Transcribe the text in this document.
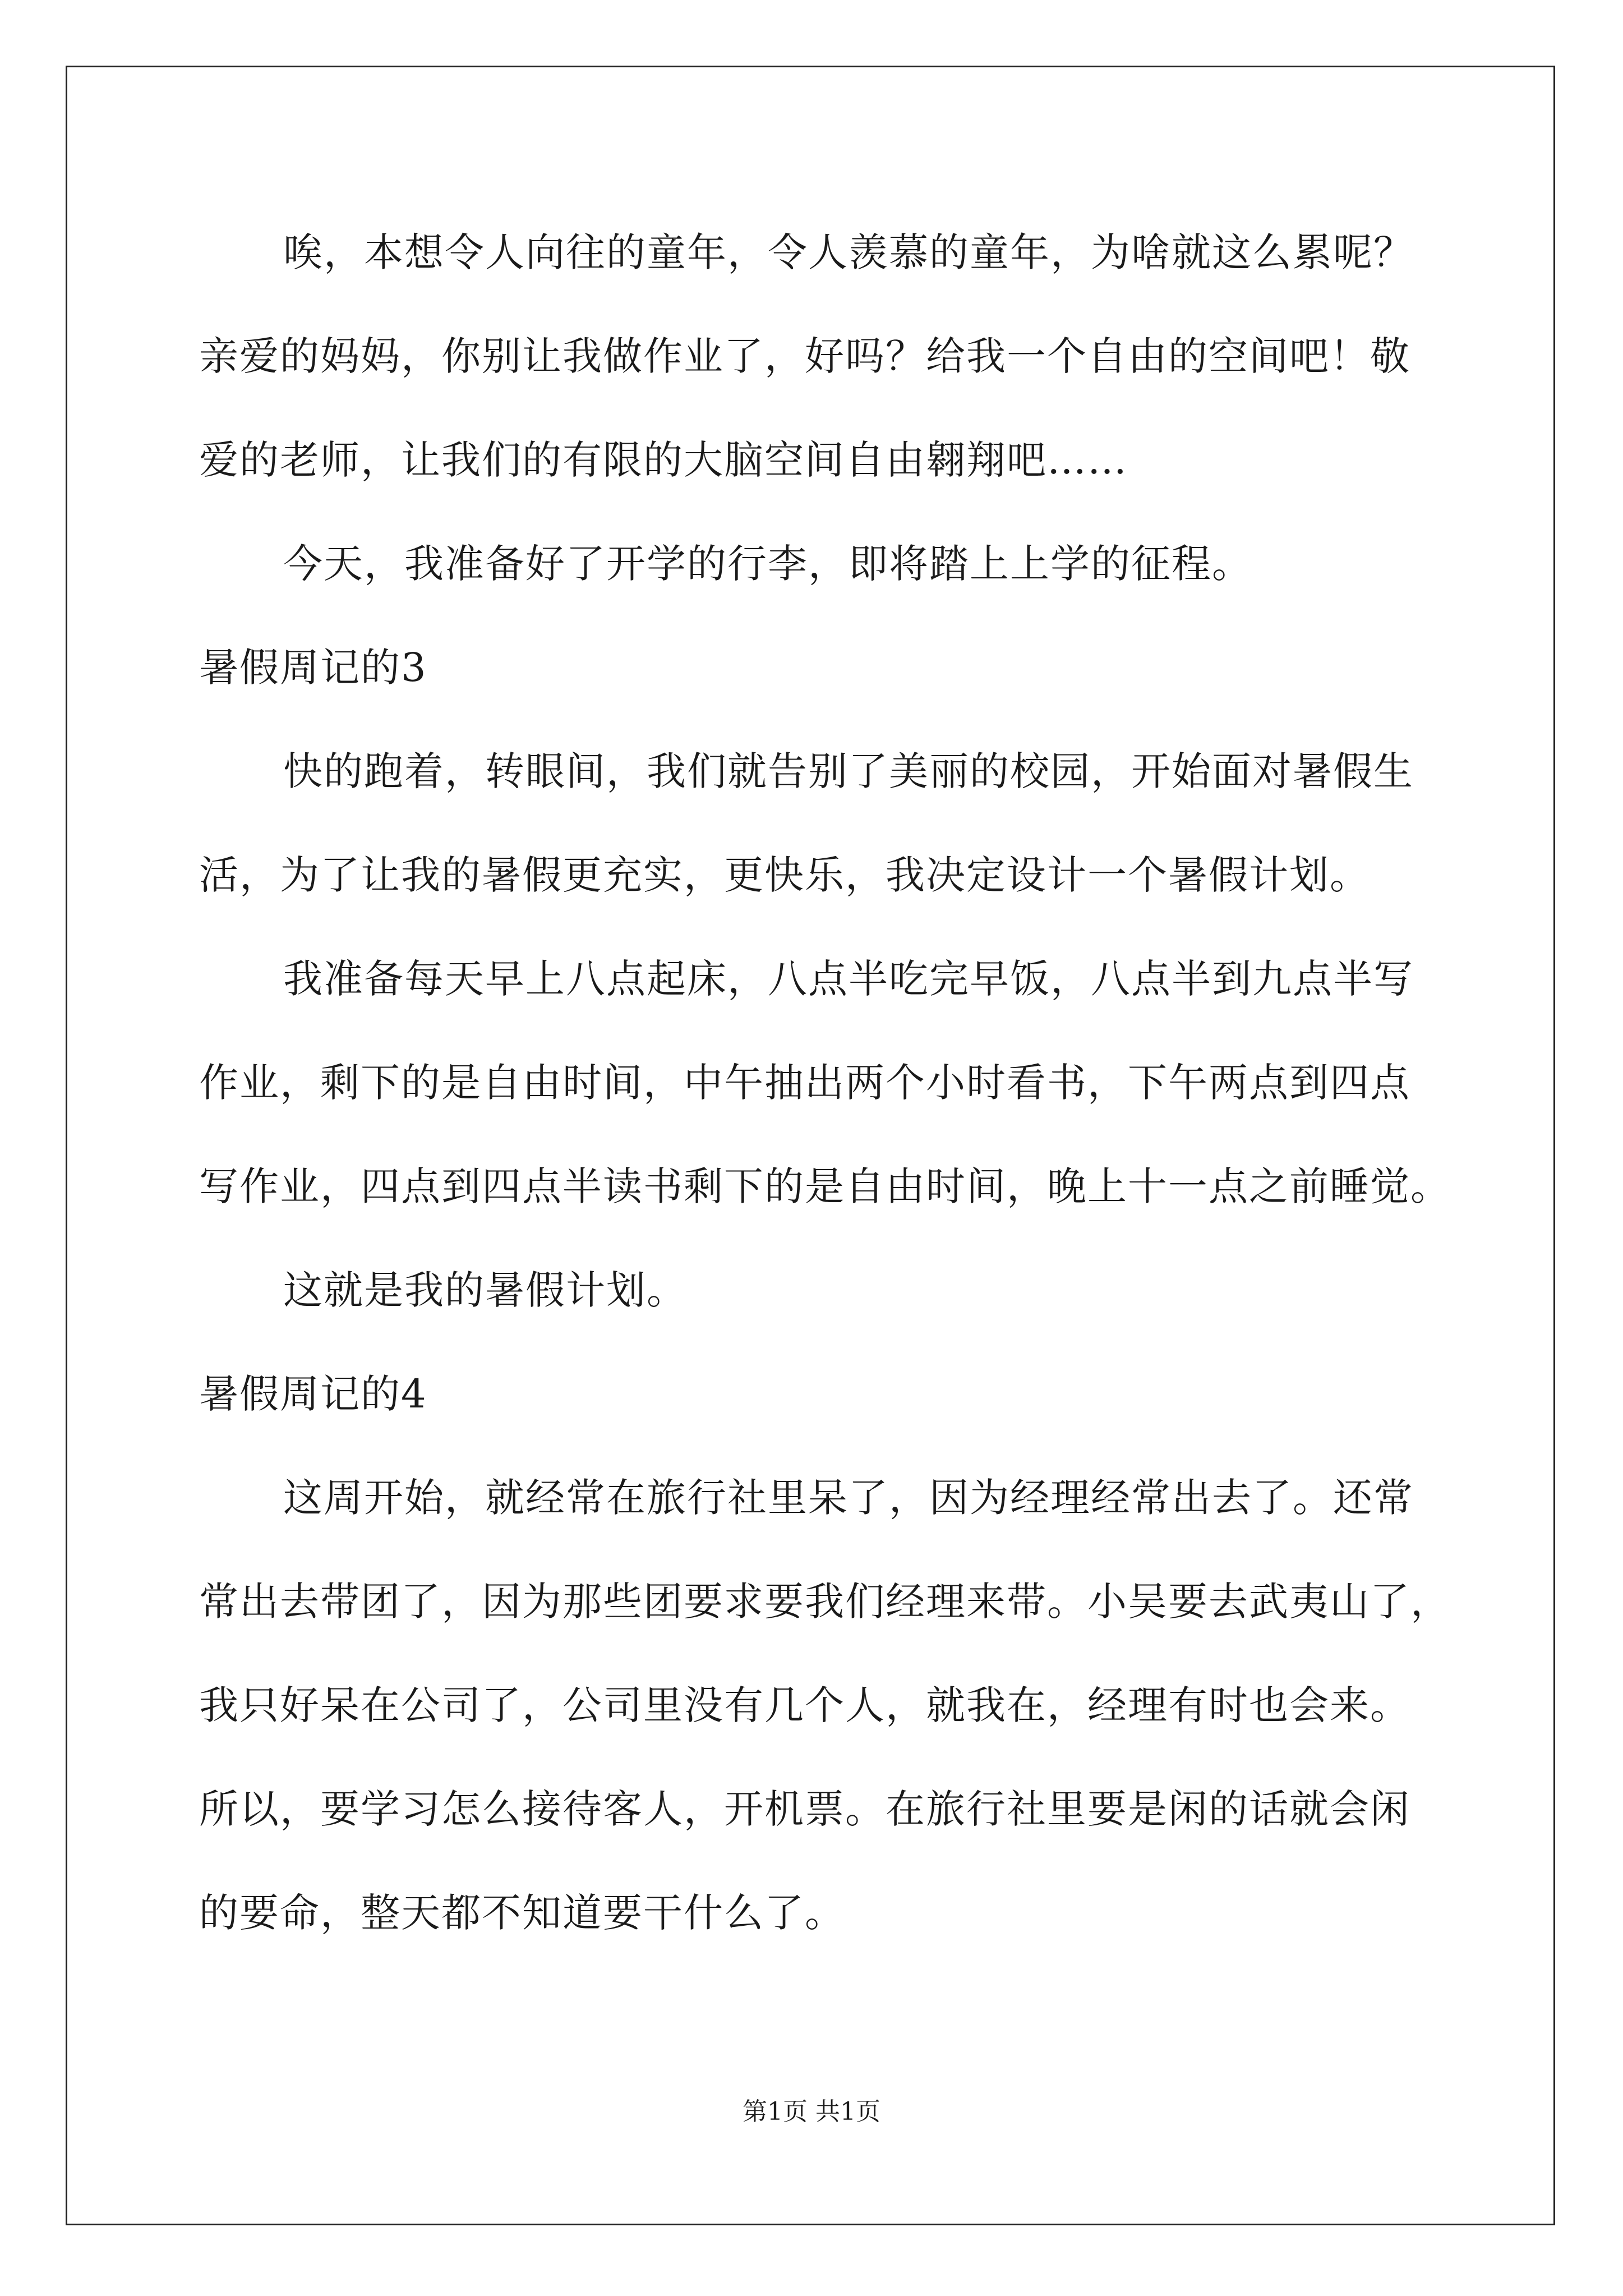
唉，本想令人向往的童年，令人羡慕的童年，为啥就这么累呢？
亲爱的妈妈，你别让我做作业了，好吗？给我一个自由的空间吧！敬
爱的老师，让我们的有限的大脑空间自由翱翔吧……
今天，我准备好了开学的行李，即将踏上上学的征程。
暑假周记的3
快的跑着，转眼间，我们就告别了美丽的校园，开始面对暑假生
活，为了让我的暑假更充实，更快乐，我决定设计一个暑假计划。
我准备每天早上八点起床，八点半吃完早饭，八点半到九点半写
作业，剩下的是自由时间，中午抽出两个小时看书，下午两点到四点
写作业，四点到四点半读书剩下的是自由时间，晚上十一点之前睡觉。
这就是我的暑假计划。
暑假周记的4
这周开始，就经常在旅行社里呆了，因为经理经常出去了。还常
常出去带团了，因为那些团要求要我们经理来带。小吴要去武夷山了，
我只好呆在公司了，公司里没有几个人，就我在，经理有时也会来。
所以，要学习怎么接待客人，开机票。在旅行社里要是闲的话就会闲
的要命，整天都不知道要干什么了。
第1页 共1页
